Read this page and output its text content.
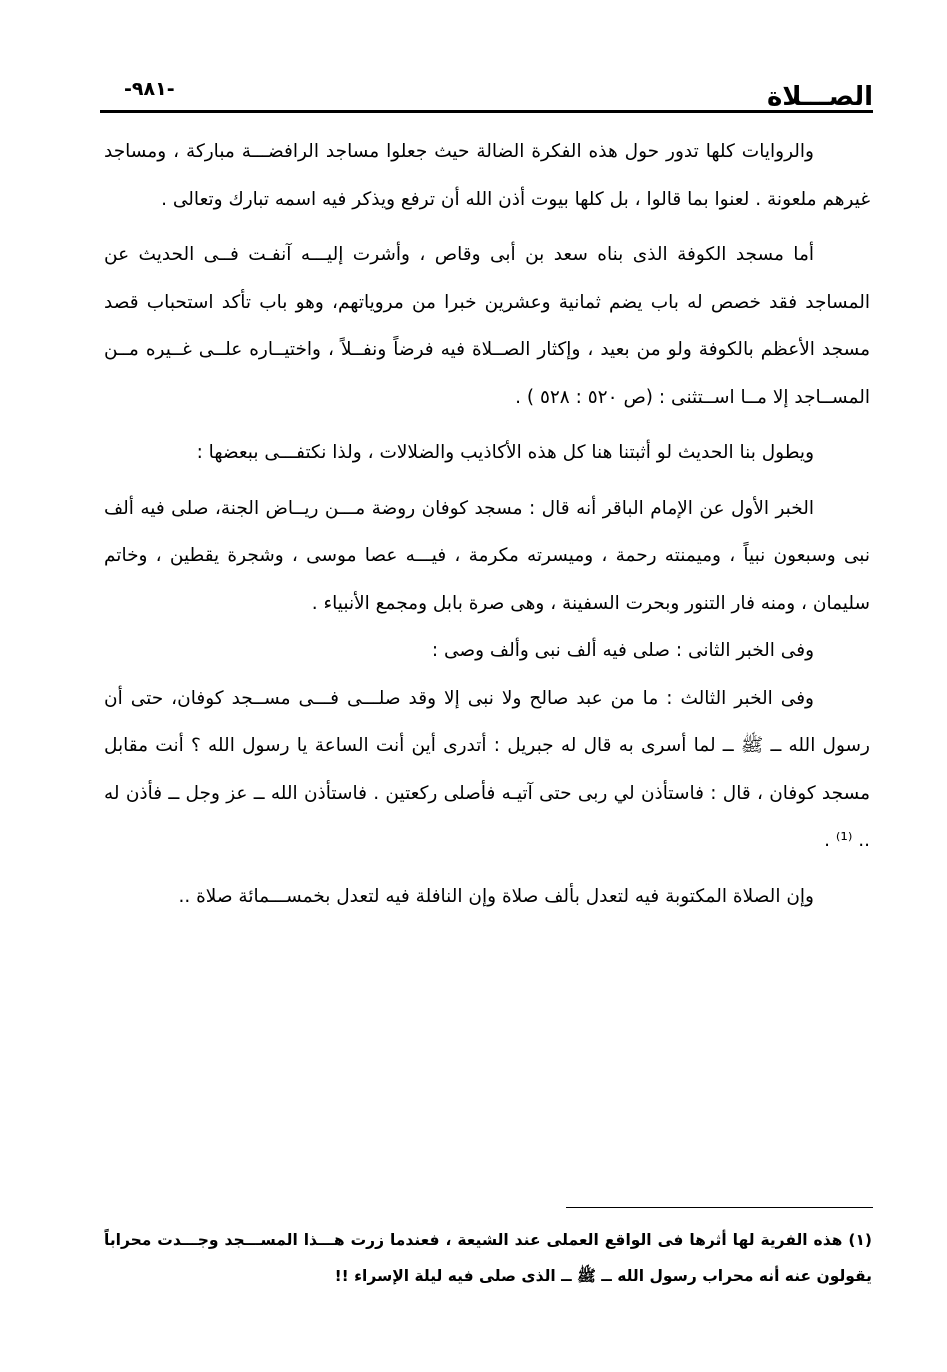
الصـــلاة
-٩٨١-

والروايات كلها تدور حول هذه الفكرة الضالة حيث جعلوا مساجد الرافضـــة مباركة ، ومساجد غيرهم ملعونة . لعنوا بما قالوا ، بل كلها بيوت أذن الله أن ترفع ويذكر فيه اسمه تبارك وتعالى .

أما مسجد الكوفة الذى بناه سعد بن أبى وقاص ، وأشرت إليـــه آنفـت فــى الحديث عن المساجد فقد خصص له باب يضم ثمانية وعشرين خبرا من مروياتهم، وهو باب تأكد استحباب قصد مسجد الأعظم بالكوفة ولو من بعيد ، وإكثار الصــلاة فيه فرضاً ونفــلاً ، واختيــاره علــى غــيره مــن المســاجد إلا مــا اســتثنى : (ص ٥٢٠ : ٥٢٨ ) .

ويطول بنا الحديث لو أثبتنا هنا كل هذه الأكاذيب والضلالات ، ولذا نكتفـــى ببعضها :

الخبر الأول عن الإمام الباقر أنه قال : مسجد كوفان روضة مـــن ريــاض الجنة، صلى فيه ألف نبى وسبعون نبياً ، وميمنته رحمة ، وميسرته مكرمة ، فيـــه عصا موسى ، وشجرة يقطين ، وخاتم سليمان ، ومنه فار التنور وبحرت السفينة ، وهى صرة بابل ومجمع الأنبياء .

وفى الخبر الثانى : صلى فيه ألف نبى وألف وصى :

وفى الخبر الثالث : ما من عبد صالح ولا نبى إلا وقد صلـــى فـــى مســجد كوفان، حتى أن رسول الله ــ ﷺ ــ لما أسرى به قال له جبريل : أتدرى أين أنت الساعة يا رسول الله ؟ أنت مقابل مسجد كوفان ، قال : فاستأذن لي ربى حتى آتيـه فأصلى ركعتين . فاستأذن الله ــ عز وجل ــ فأذن له .. ⁽¹⁾ .

وإن الصلاة المكتوبة فيه لتعدل بألف صلاة وإن النافلة فيه لتعدل بخمســـمائة صلاة ..

(١) هذه الفرية لها أثرها فى الواقع العملى عند الشيعة ، فعندما زرت هـــذا المســـجد وجـــدت محراباً يقولون عنه أنه محراب رسول الله ــ ﷺ ــ الذى صلى فيه ليلة الإسراء !!
